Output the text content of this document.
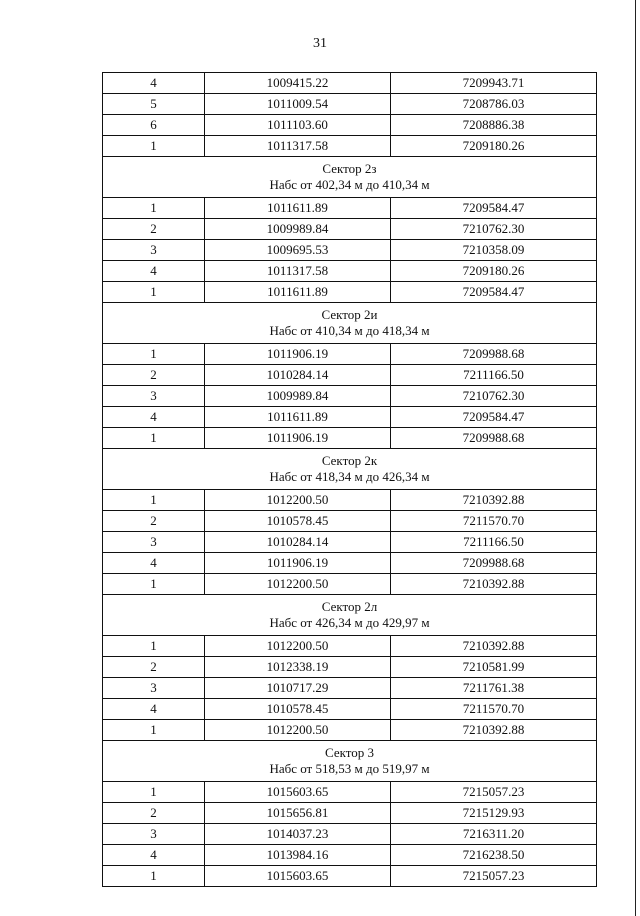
31
4	1009415.22	7209943.71
5	1011009.54	7208786.03
6	1011103.60	7208886.38
1	1011317.58	7209180.26

Сектор 2з
Набс от 402,34 м до 410,34 м		

1	1011611.89	7209584.47
2	1009989.84	7210762.30
3	1009695.53	7210358.09
4	1011317.58	7209180.26
1	1011611.89	7209584.47

Сектор 2и
Набс от 410,34 м до 418,34 м		

1	1011906.19	7209988.68
2	1010284.14	7211166.50
3	1009989.84	7210762.30
4	1011611.89	7209584.47
1	1011906.19	7209988.68

Сектор 2к
Набс от 418,34 м до 426,34 м		

1	1012200.50	7210392.88
2	1010578.45	7211570.70
3	1010284.14	7211166.50
4	1011906.19	7209988.68
1	1012200.50	7210392.88

Сектор 2л
Набс от 426,34 м до 429,97 м		

1	1012200.50	7210392.88
2	1012338.19	7210581.99
3	1010717.29	7211761.38
4	1010578.45	7211570.70
1	1012200.50	7210392.88

Сектор 3
Набс от 518,53 м до 519,97 м		

1	1015603.65	7215057.23
2	1015656.81	7215129.93
3	1014037.23	7216311.20
4	1013984.16	7216238.50
1	1015603.65	7215057.23
